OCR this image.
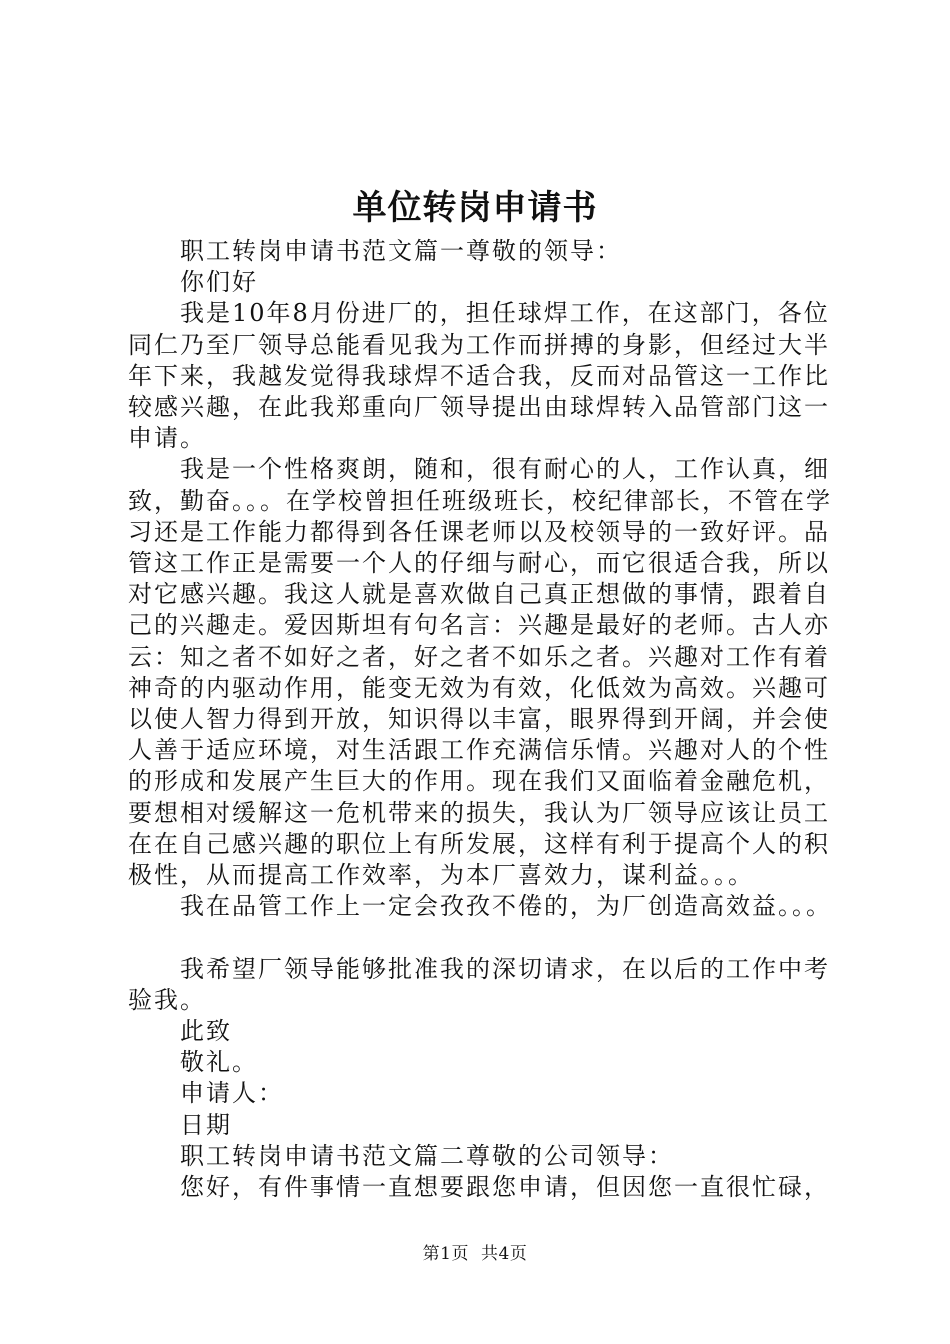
单位转岗申请书

职工转岗申请书范文篇一尊敬的领导：

你们好

我是10年8月份进厂的，担任球焊工作，在这部门，各位同仁乃至厂领导总能看见我为工作而拼搏的身影，但经过大半年下来，我越发觉得我球焊不适合我，反而对品管这一工作比较感兴趣，在此我郑重向厂领导提出由球焊转入品管部门这一申请。

我是一个性格爽朗，随和，很有耐心的人，工作认真，细致，勤奋。。。在学校曾担任班级班长，校纪律部长，不管在学习还是工作能力都得到各任课老师以及校领导的一致好评。品管这工作正是需要一个人的仔细与耐心，而它很适合我，所以对它感兴趣。我这人就是喜欢做自己真正想做的事情，跟着自己的兴趣走。爱因斯坦有句名言：兴趣是最好的老师。古人亦云：知之者不如好之者，好之者不如乐之者。兴趣对工作有着神奇的内驱动作用，能变无效为有效，化低效为高效。兴趣可以使人智力得到开放，知识得以丰富，眼界得到开阔，并会使人善于适应环境，对生活跟工作充满信乐情。兴趣对人的个性的形成和发展产生巨大的作用。现在我们又面临着金融危机，要想相对缓解这一危机带来的损失，我认为厂领导应该让员工在在自己感兴趣的职位上有所发展，这样有利于提高个人的积极性，从而提高工作效率，为本厂喜效力，谋利益。。。

我在品管工作上一定会孜孜不倦的，为厂创造高效益。。。

我希望厂领导能够批准我的深切请求，在以后的工作中考验我。

此致

敬礼。

申请人：

日期

职工转岗申请书范文篇二尊敬的公司领导：

您好，有件事情一直想要跟您申请，但因您一直很忙碌，

第1页 共4页
